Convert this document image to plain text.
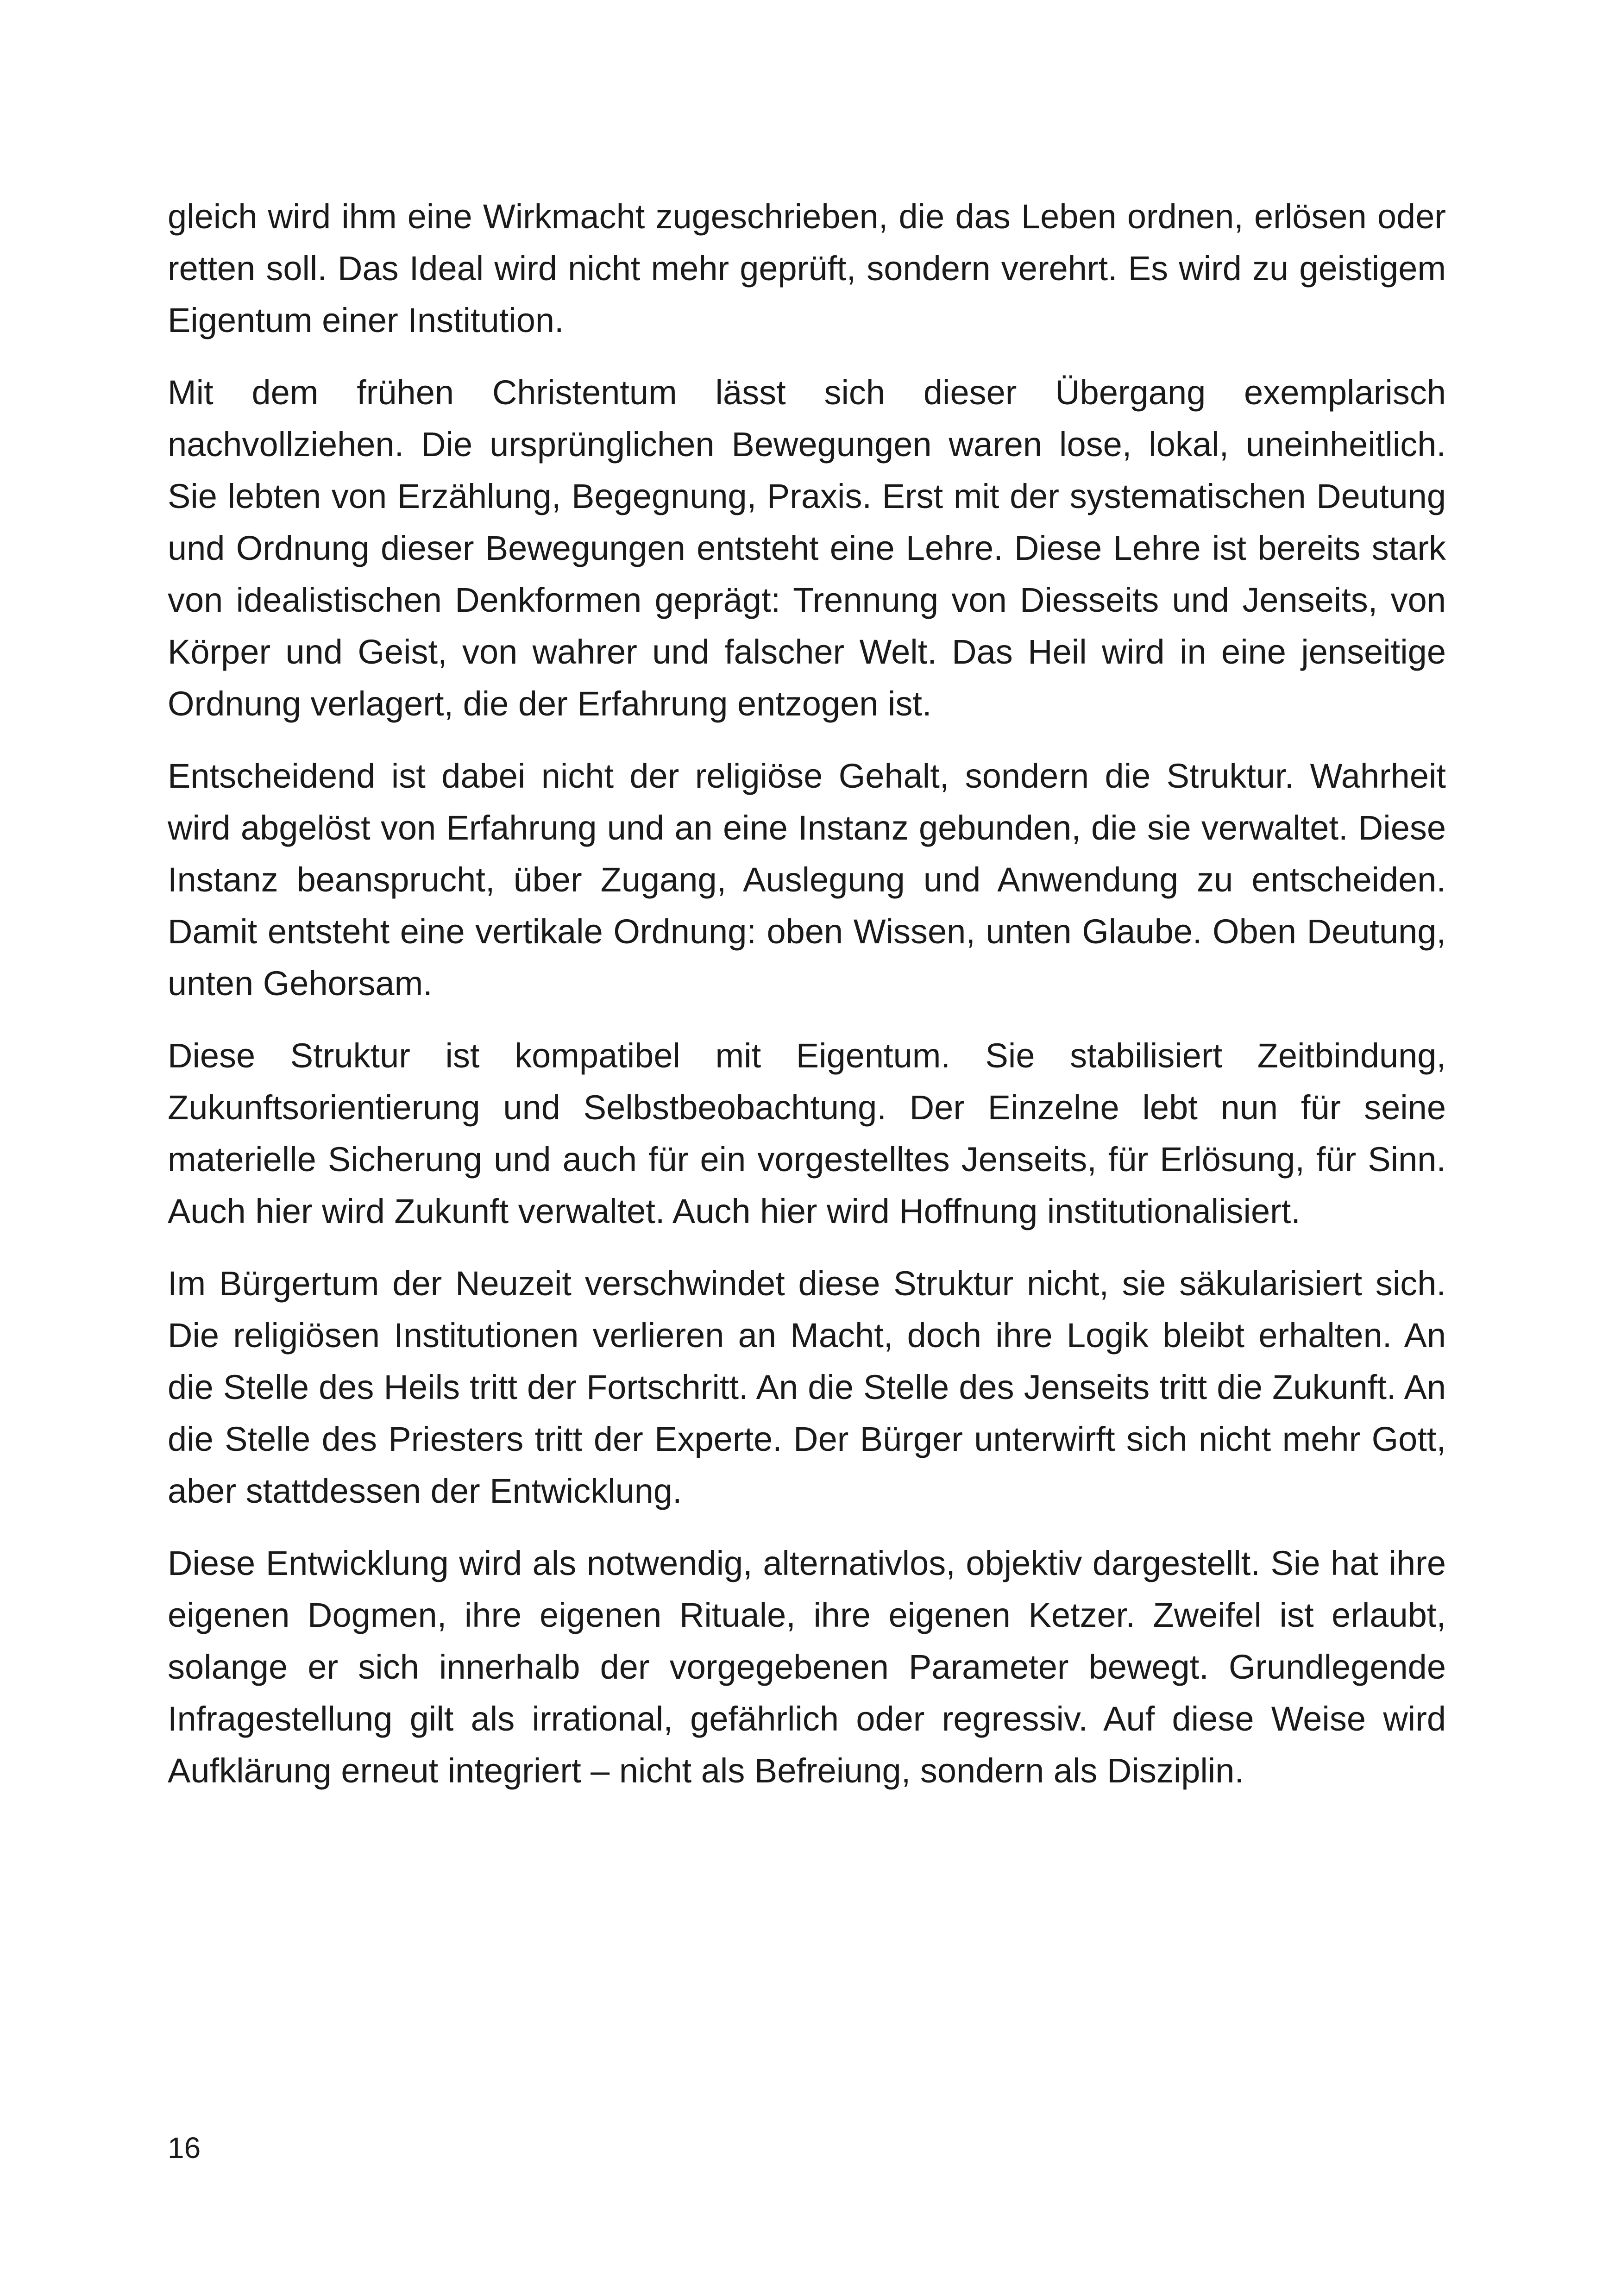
gleich wird ihm eine Wirkmacht zugeschrieben, die das Leben ordnen, erlösen oder retten soll. Das Ideal wird nicht mehr geprüft, sondern verehrt. Es wird zu geistigem Eigentum einer Institution.

Mit dem frühen Christentum lässt sich dieser Übergang exemplarisch nachvollziehen. Die ursprünglichen Bewegungen waren lose, lokal, uneinheitlich. Sie lebten von Erzählung, Begegnung, Praxis. Erst mit der systematischen Deutung und Ordnung dieser Bewegungen entsteht eine Lehre. Diese Lehre ist bereits stark von idealistischen Denkformen geprägt: Trennung von Diesseits und Jenseits, von Körper und Geist, von wahrer und falscher Welt. Das Heil wird in eine jenseitige Ordnung verlagert, die der Erfahrung entzogen ist.

Entscheidend ist dabei nicht der religiöse Gehalt, sondern die Struktur. Wahrheit wird abgelöst von Erfahrung und an eine Instanz gebunden, die sie verwaltet. Diese Instanz beansprucht, über Zugang, Auslegung und Anwendung zu entscheiden. Damit entsteht eine vertikale Ordnung: oben Wissen, unten Glaube. Oben Deutung, unten Gehorsam.

Diese Struktur ist kompatibel mit Eigentum. Sie stabilisiert Zeitbindung, Zukunftsorientierung und Selbstbeobachtung. Der Einzelne lebt nun für seine materielle Sicherung und auch für ein vorgestelltes Jenseits, für Erlösung, für Sinn. Auch hier wird Zukunft verwaltet. Auch hier wird Hoffnung institutionalisiert.

Im Bürgertum der Neuzeit verschwindet diese Struktur nicht, sie säkularisiert sich. Die religiösen Institutionen verlieren an Macht, doch ihre Logik bleibt erhalten. An die Stelle des Heils tritt der Fortschritt. An die Stelle des Jenseits tritt die Zukunft. An die Stelle des Priesters tritt der Experte. Der Bürger unterwirft sich nicht mehr Gott, aber stattdessen der Entwicklung.

Diese Entwicklung wird als notwendig, alternativlos, objektiv dargestellt. Sie hat ihre eigenen Dogmen, ihre eigenen Rituale, ihre eigenen Ketzer. Zweifel ist erlaubt, solange er sich innerhalb der vorgegebenen Parameter bewegt. Grundlegende Infragestellung gilt als irrational, gefährlich oder regressiv. Auf diese Weise wird Aufklärung erneut integriert – nicht als Befreiung, sondern als Disziplin.

16
